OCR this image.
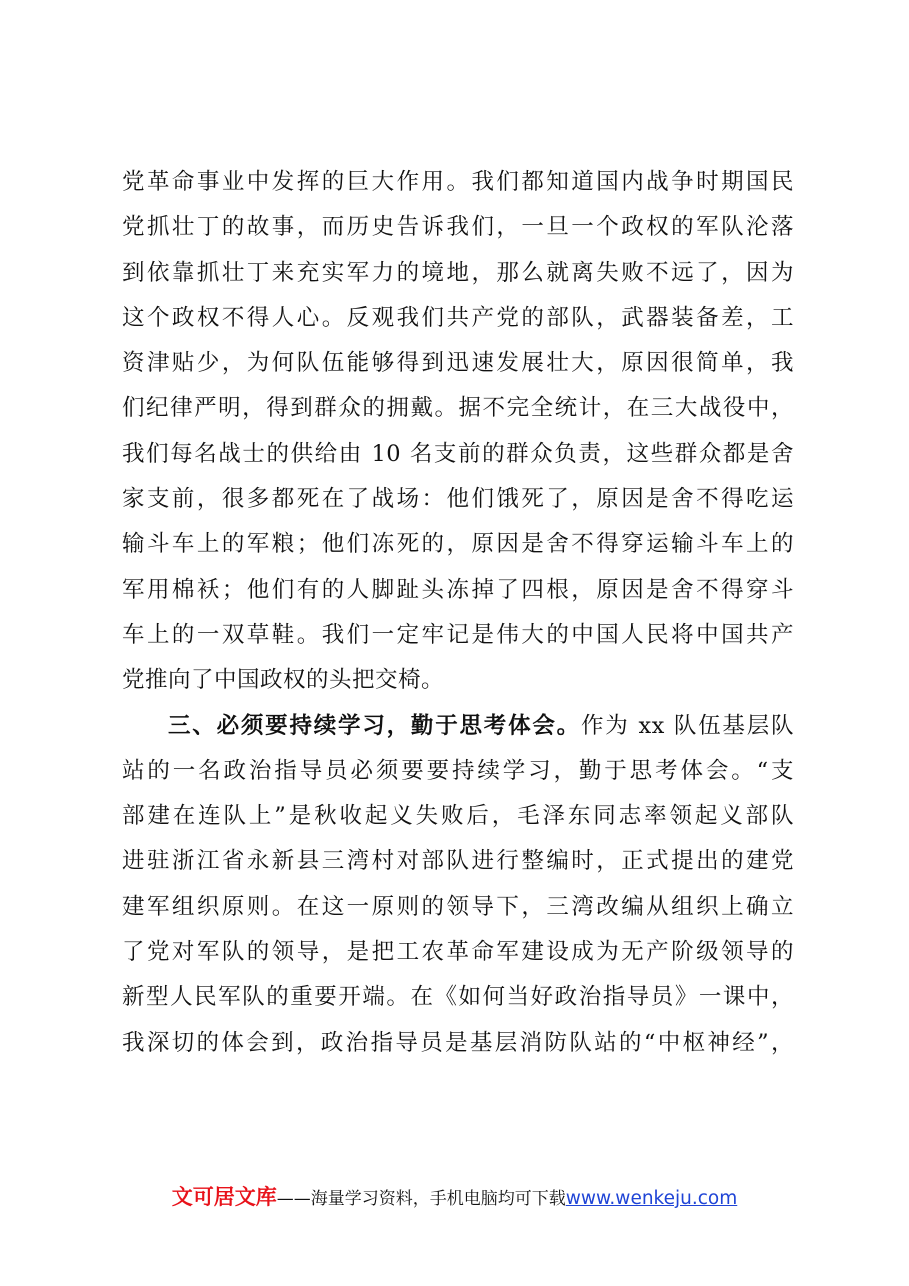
党革命事业中发挥的巨大作用。我们都知道国内战争时期国民
党抓壮丁的故事，而历史告诉我们，一旦一个政权的军队沦落
到依靠抓壮丁来充实军力的境地，那么就离失败不远了，因为
这个政权不得人心。反观我们共产党的部队，武器装备差，工
资津贴少，为何队伍能够得到迅速发展壮大，原因很简单，我
们纪律严明，得到群众的拥戴。据不完全统计，在三大战役中，
我们每名战士的供给由 10 名支前的群众负责，这些群众都是舍
家支前，很多都死在了战场：他们饿死了，原因是舍不得吃运
输斗车上的军粮；他们冻死的，原因是舍不得穿运输斗车上的
军用棉袄；他们有的人脚趾头冻掉了四根，原因是舍不得穿斗
车上的一双草鞋。我们一定牢记是伟大的中国人民将中国共产
党推向了中国政权的头把交椅。
三、必须要持续学习，勤于思考体会。作为 xx 队伍基层队
站的一名政治指导员必须要要持续学习，勤于思考体会。“支
部建在连队上”是秋收起义失败后，毛泽东同志率领起义部队
进驻浙江省永新县三湾村对部队进行整编时，正式提出的建党
建军组织原则。在这一原则的领导下，三湾改编从组织上确立
了党对军队的领导，是把工农革命军建设成为无产阶级领导的
新型人民军队的重要开端。在《如何当好政治指导员》一课中，
我深切的体会到，政治指导员是基层消防队站的“中枢神经”，
文可居文库——海量学习资料，手机电脑均可下载www.wenkeju.com
